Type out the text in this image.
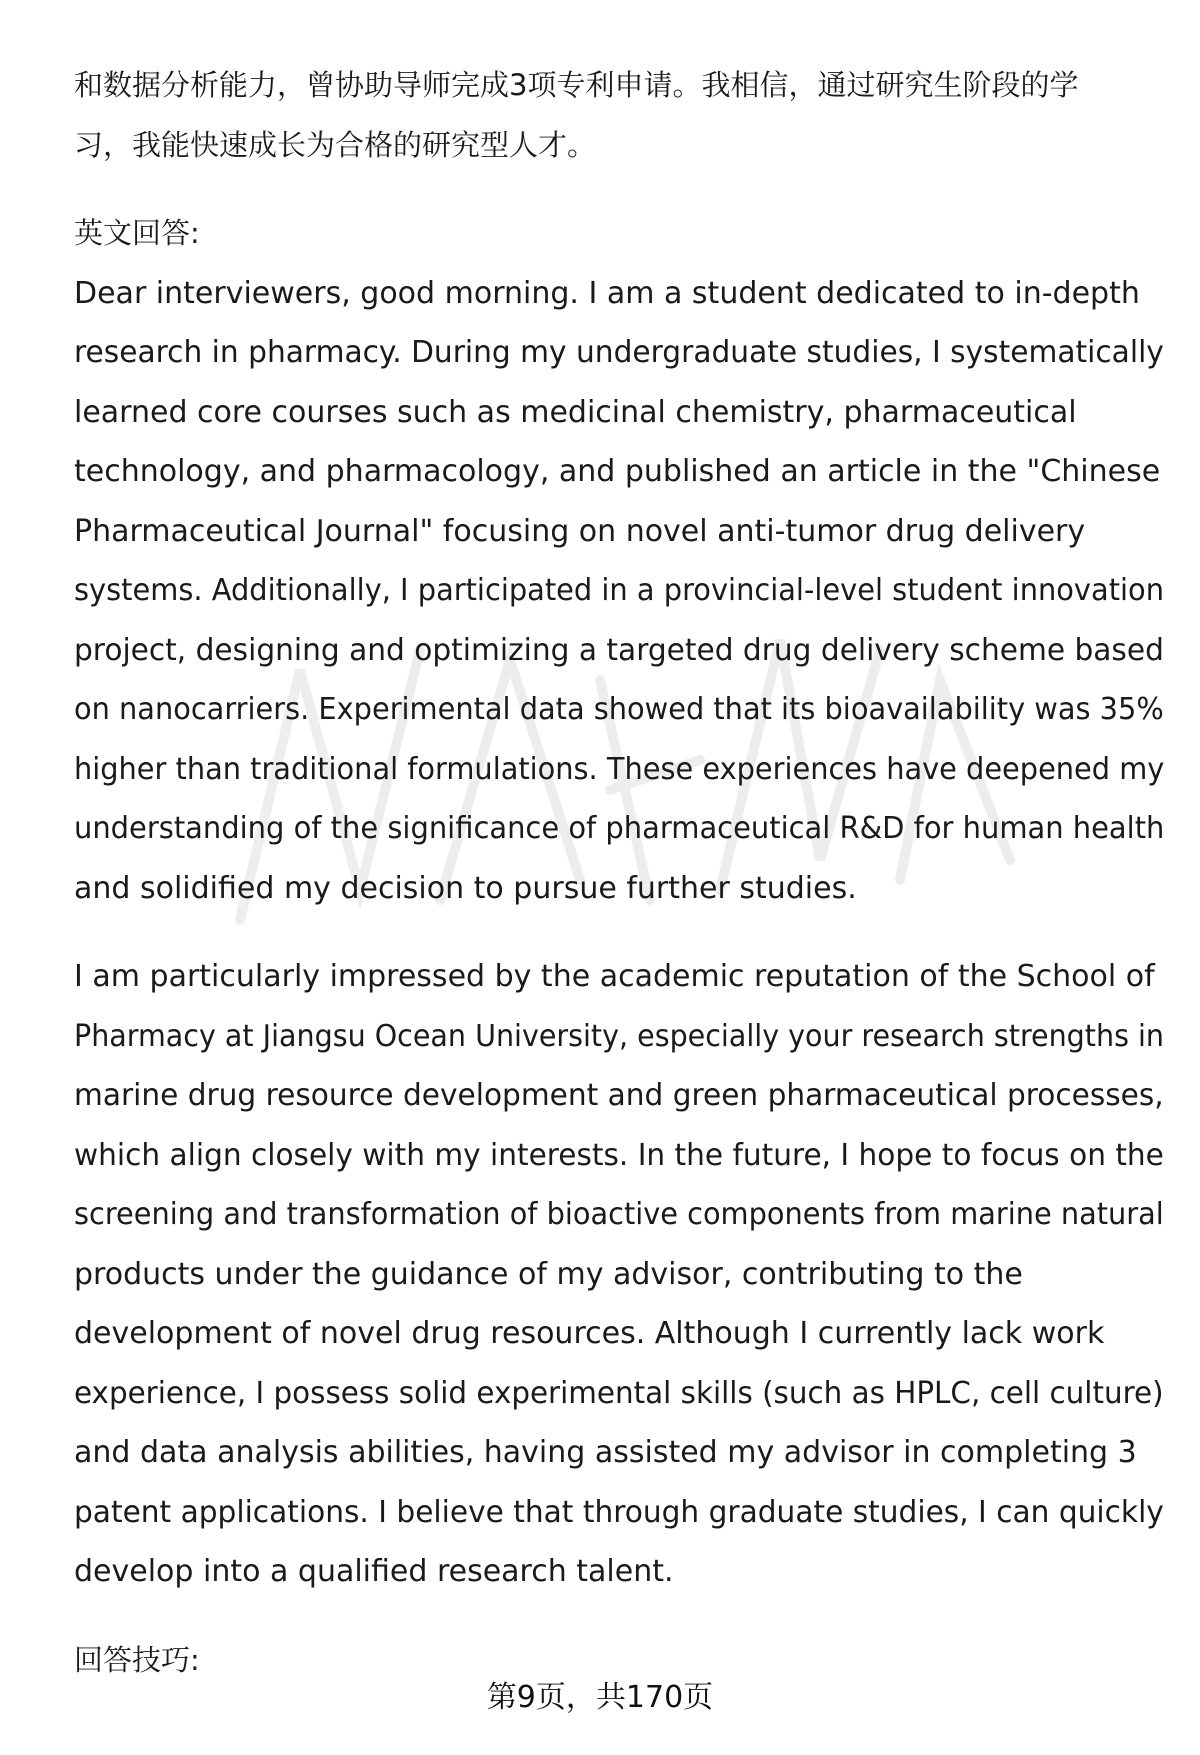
和数据分析能力，曾协助导师完成3项专利申请。我相信，通过研究生阶段的学
习，我能快速成长为合格的研究型人才。
英文回答:
Dear interviewers, good morning. I am a student dedicated to in-depth
research in pharmacy. During my undergraduate studies, I systematically
learned core courses such as medicinal chemistry, pharmaceutical
technology, and pharmacology, and published an article in the "Chinese
Pharmaceutical Journal" focusing on novel anti-tumor drug delivery
systems. Additionally, I participated in a provincial-level student innovation
project, designing and optimizing a targeted drug delivery scheme based
on nanocarriers. Experimental data showed that its bioavailability was 35%
higher than traditional formulations. These experiences have deepened my
understanding of the significance of pharmaceutical R&D for human health
and solidified my decision to pursue further studies.
I am particularly impressed by the academic reputation of the School of
Pharmacy at Jiangsu Ocean University, especially your research strengths in
marine drug resource development and green pharmaceutical processes,
which align closely with my interests. In the future, I hope to focus on the
screening and transformation of bioactive components from marine natural
products under the guidance of my advisor, contributing to the
development of novel drug resources. Although I currently lack work
experience, I possess solid experimental skills (such as HPLC, cell culture)
and data analysis abilities, having assisted my advisor in completing 3
patent applications. I believe that through graduate studies, I can quickly
develop into a qualified research talent.
回答技巧:
第9页，共170页
